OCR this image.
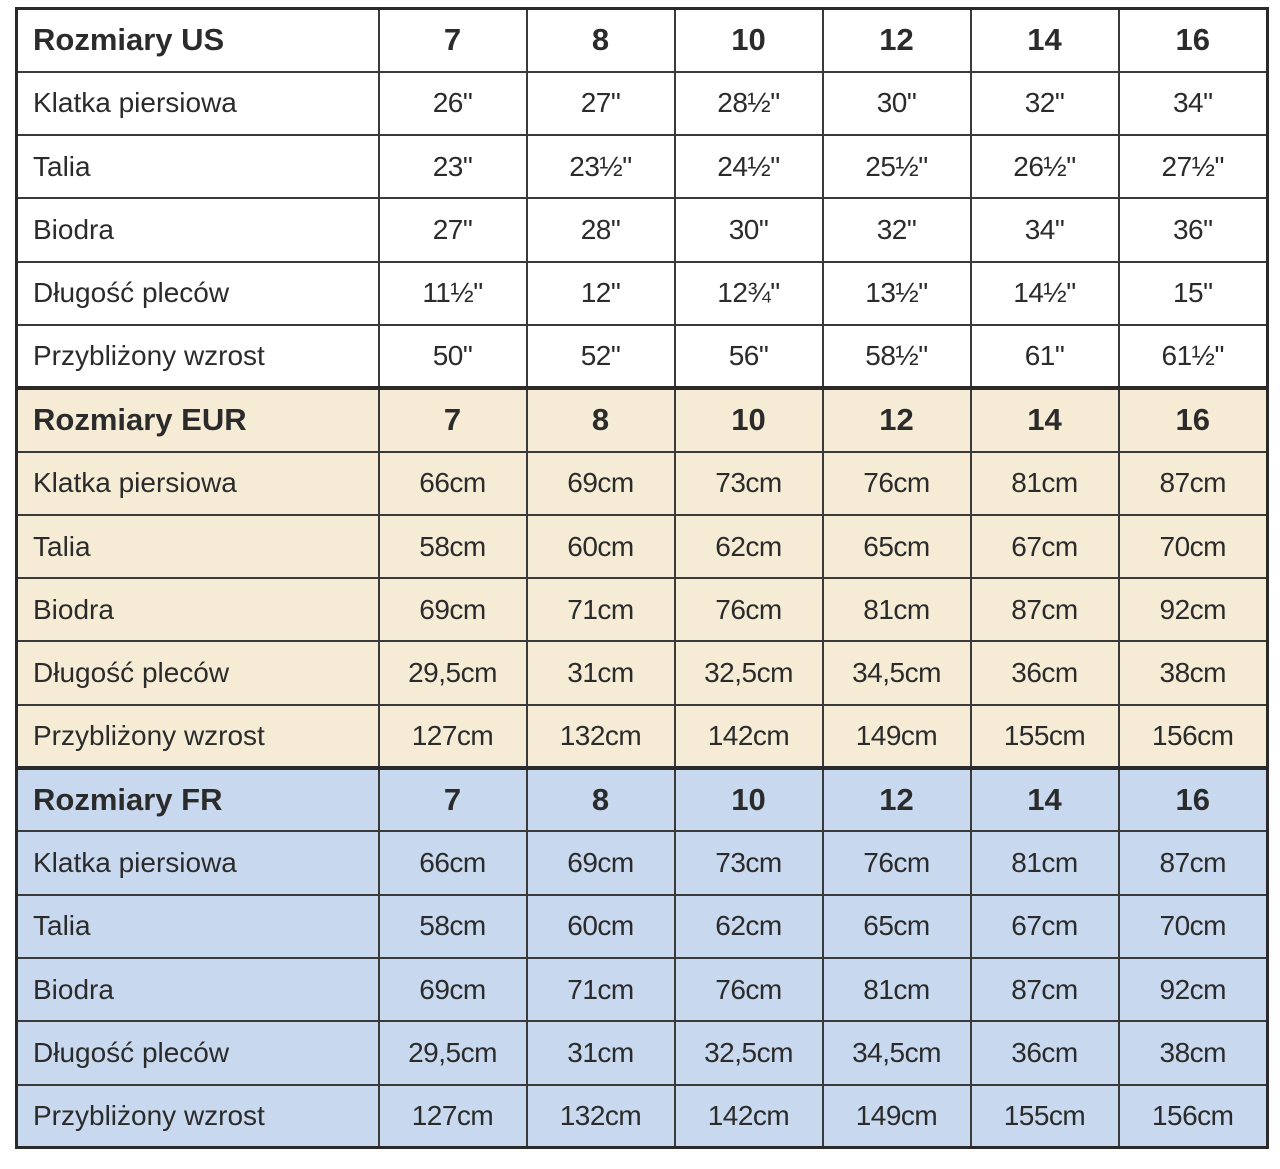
Rozmiary US	7	8	10	12	14	16
Klatka piersiowa	26"	27"	28½"	30"	32"	34"
Talia	23"	23½"	24½"	25½"	26½"	27½"
Biodra	27"	28"	30"	32"	34"	36"
Długość pleców	11½"	12"	12¾"	13½"	14½"	15"
Przybliżony wzrost	50"	52"	56"	58½"	61"	61½"
Rozmiary EUR	7	8	10	12	14	16
Klatka piersiowa	66cm	69cm	73cm	76cm	81cm	87cm
Talia	58cm	60cm	62cm	65cm	67cm	70cm
Biodra	69cm	71cm	76cm	81cm	87cm	92cm
Długość pleców	29,5cm	31cm	32,5cm	34,5cm	36cm	38cm
Przybliżony wzrost	127cm	132cm	142cm	149cm	155cm	156cm
Rozmiary FR	7	8	10	12	14	16
Klatka piersiowa	66cm	69cm	73cm	76cm	81cm	87cm
Talia	58cm	60cm	62cm	65cm	67cm	70cm
Biodra	69cm	71cm	76cm	81cm	87cm	92cm
Długość pleców	29,5cm	31cm	32,5cm	34,5cm	36cm	38cm
Przybliżony wzrost	127cm	132cm	142cm	149cm	155cm	156cm
